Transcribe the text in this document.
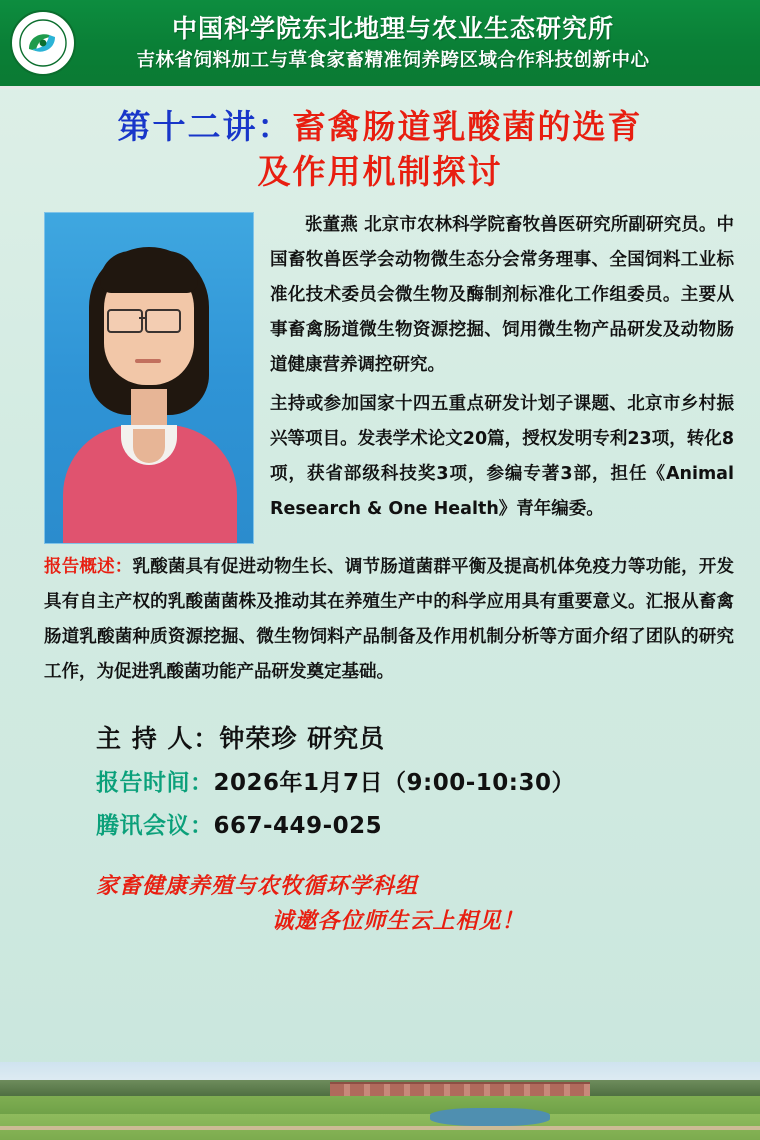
中国科学院东北地理与农业生态研究所
吉林省饲料加工与草食家畜精准饲养跨区域合作科技创新中心
第十二讲：畜禽肠道乳酸菌的选育
及作用机制探讨

张董燕 北京市农林科学院畜牧兽医研究所副研究员。中国畜牧兽医学会动物微生态分会常务理事、全国饲料工业标准化技术委员会微生物及酶制剂标准化工作组委员。主要从事畜禽肠道微生物资源挖掘、饲用微生物产品研发及动物肠道健康营养调控研究。

主持或参加国家十四五重点研发计划子课题、北京市乡村振兴等项目。发表学术论文20篇，授权发明专利23项，转化8项，获省部级科技奖3项，参编专著3部，担任《Animal Research & One Health》青年编委。

报告概述：乳酸菌具有促进动物生长、调节肠道菌群平衡及提高机体免疫力等功能，开发具有自主产权的乳酸菌菌株及推动其在养殖生产中的科学应用具有重要意义。汇报从畜禽肠道乳酸菌种质资源挖掘、微生物饲料产品制备及作用机制分析等方面介绍了团队的研究工作，为促进乳酸菌功能产品研发奠定基础。
主 持 人：钟荣珍 研究员
报告时间：2026年1月7日（9:00-10:30）
腾讯会议：667-449-025
家畜健康养殖与农牧循环学科组
诚邀各位师生云上相见！
